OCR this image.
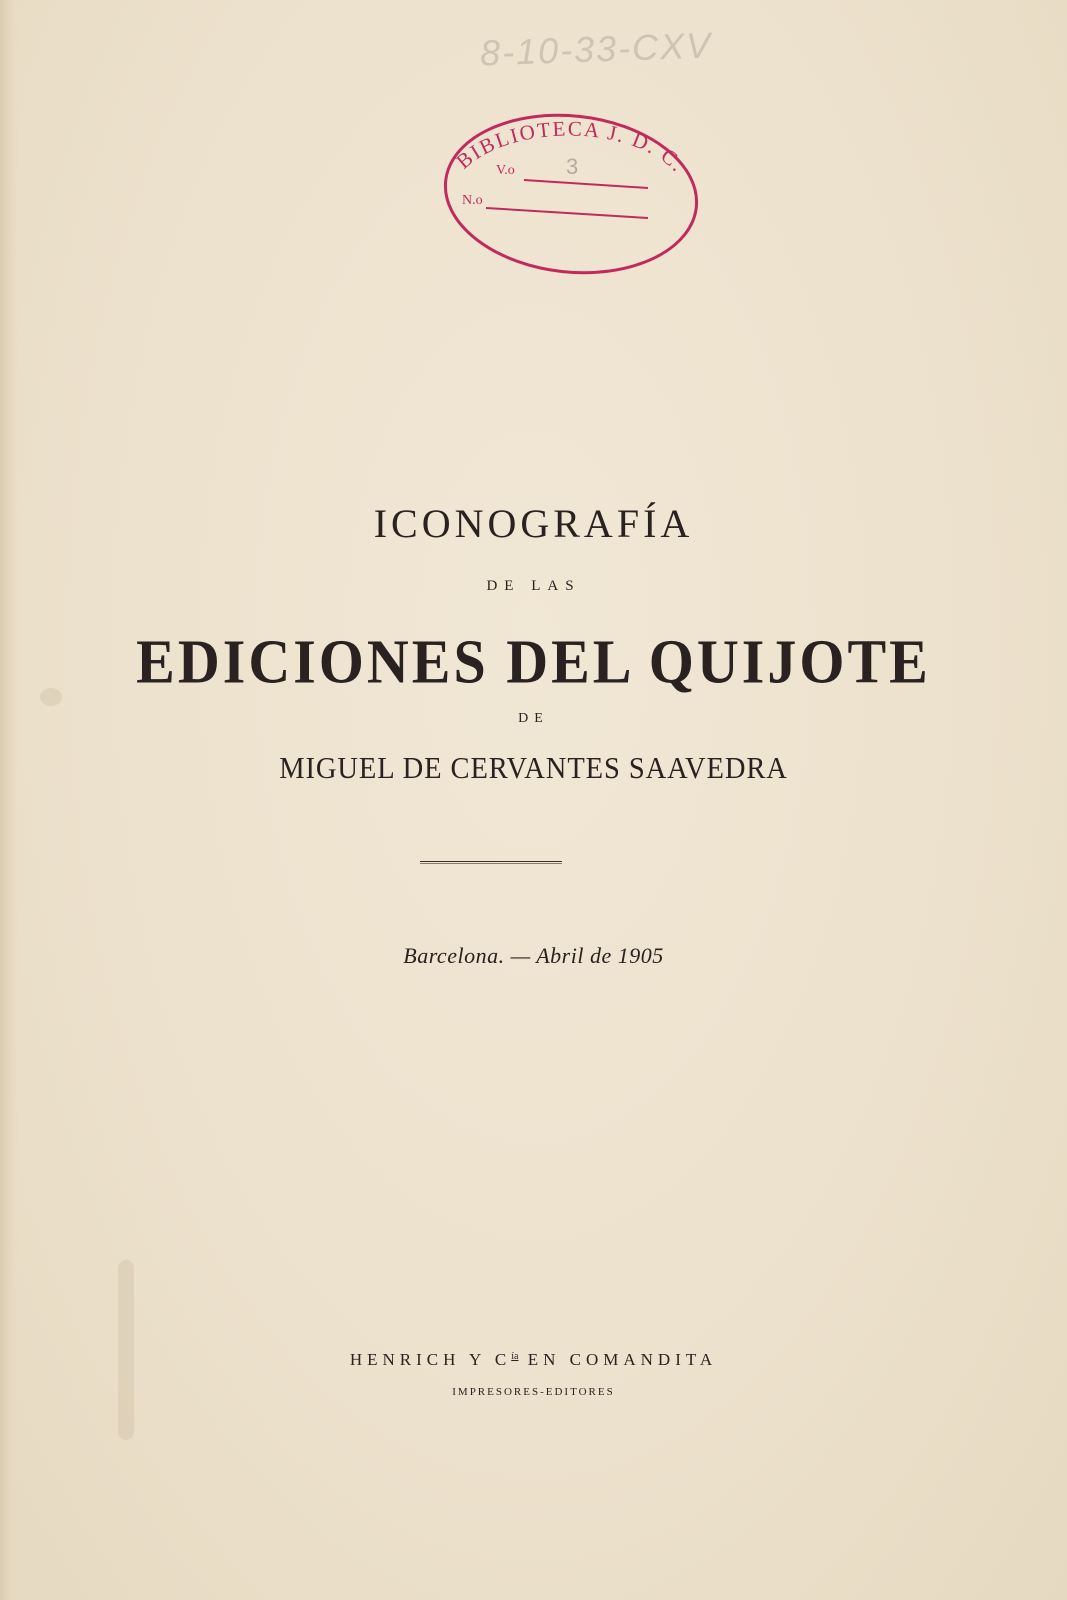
8-10-33-CXV
BIBLIOTECA J. D. C.
V.o 3
N.o
ICONOGRAFÍA
DE LAS
EDICIONES DEL QUIJOTE
DE
MIGUEL DE CERVANTES SAAVEDRA
Barcelona. — Abril de 1905
HENRICH Y $C^{ía}$ EN COMANDITA
IMPRESORES-EDITORES
